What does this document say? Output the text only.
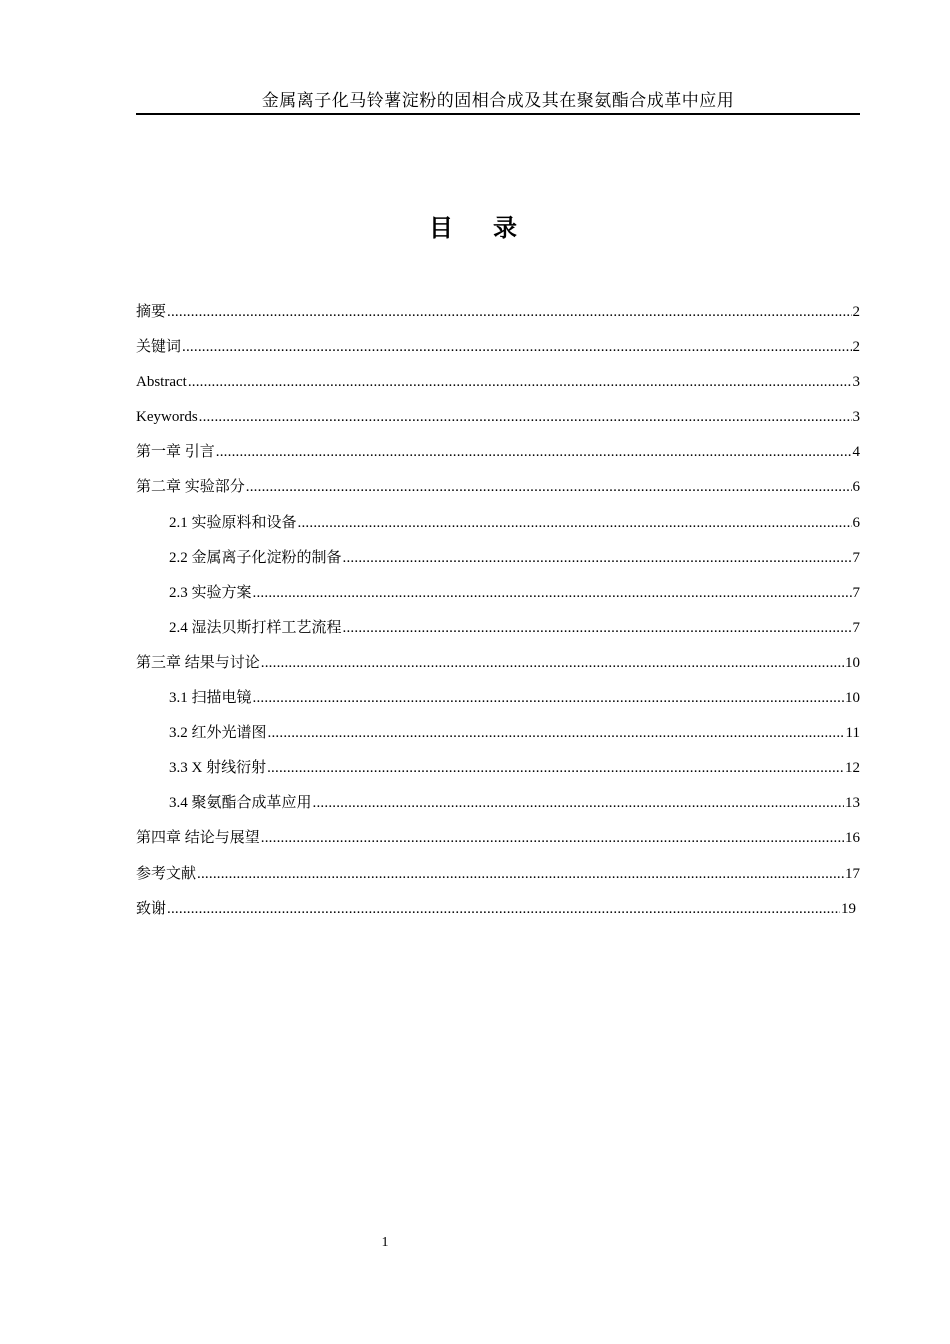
金属离子化马铃薯淀粉的固相合成及其在聚氨酯合成革中应用
目录
摘要 .....	2
关键词 .....	2
Abstract .....	3
Keywords .....	3
第一章 引言 .....	4
第二章 实验部分 .....	6
2.1 实验原料和设备 .....	6
2.2 金属离子化淀粉的制备 .....	7
2.3 实验方案 .....	7
2.4 湿法贝斯打样工艺流程 .....	7
第三章 结果与讨论 .....	10
3.1 扫描电镜 .....	10
3.2 红外光谱图 .....	11
3.3 X 射线衍射 .....	12
3.4 聚氨酯合成革应用 .....	13
第四章 结论与展望 .....	16
参考文献 .....	17
致谢 .....	19
1
